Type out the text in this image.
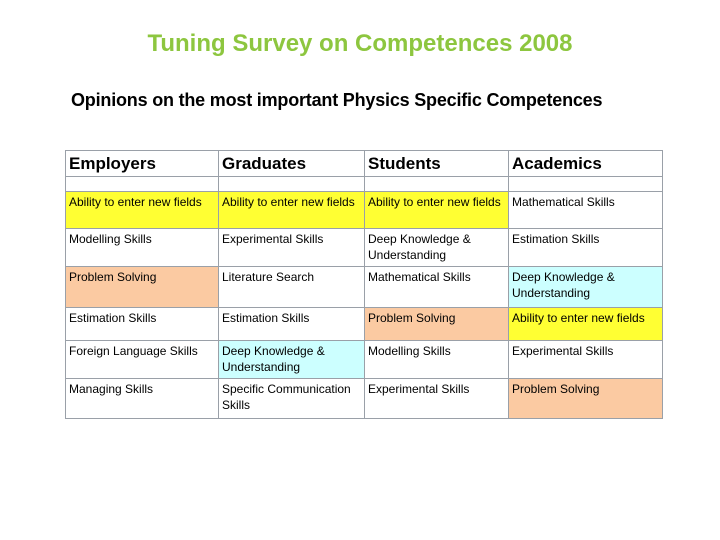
Tuning Survey on Competences 2008
Opinions on the most important Physics Specific Competences
Employers	Graduates	Students	Academics

Ability to enter new fields	Ability to enter new fields	Ability to enter new fields	Mathematical Skills
Modelling Skills	Experimental Skills	Deep Knowledge & Understanding	Estimation Skills
Problem Solving	Literature Search	Mathematical Skills	Deep Knowledge & Understanding
Estimation Skills	Estimation Skills	Problem Solving	Ability to enter new fields
Foreign Language Skills	Deep Knowledge & Understanding	Modelling Skills	Experimental Skills
Managing Skills	Specific Communication Skills	Experimental Skills	Problem Solving
